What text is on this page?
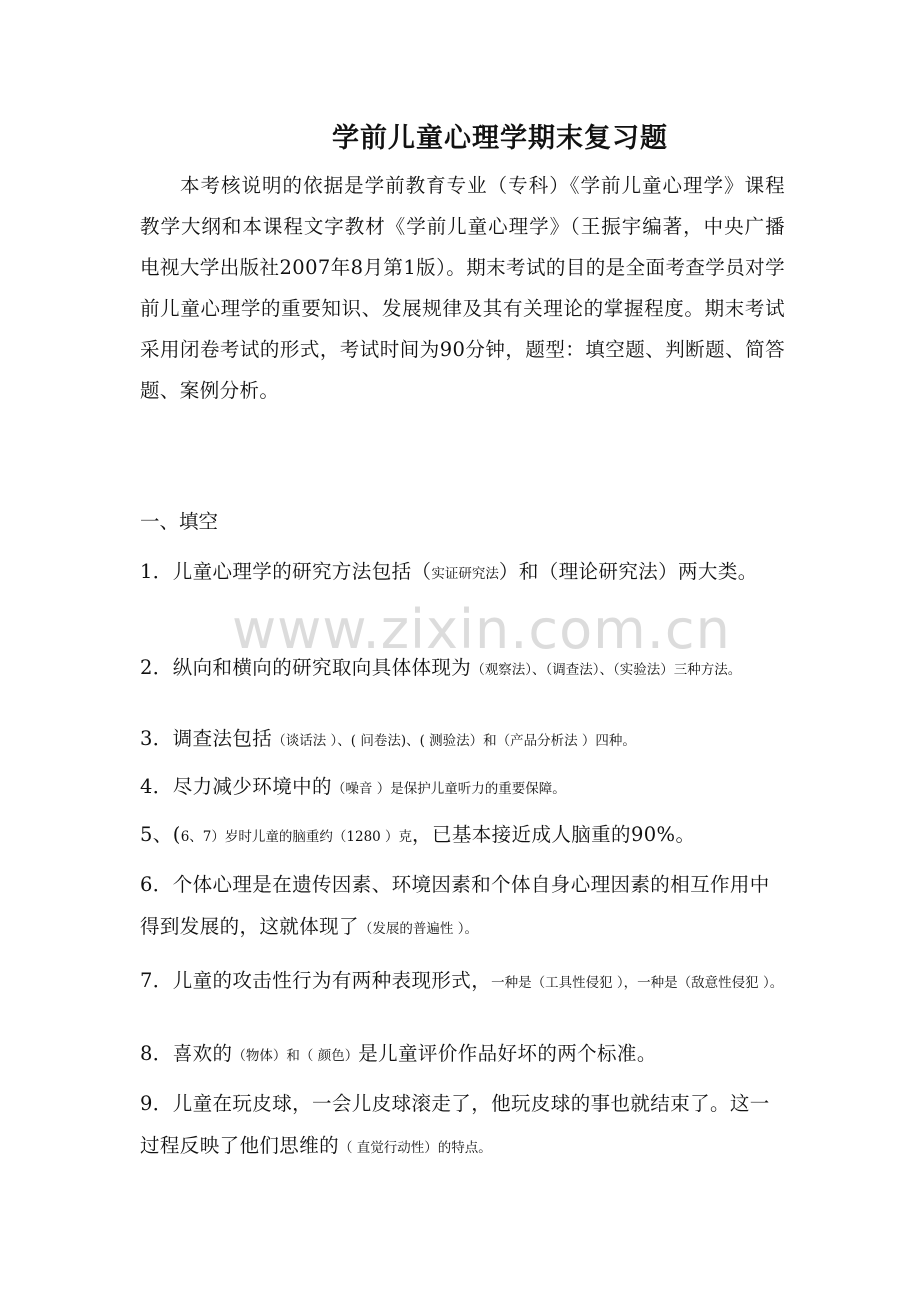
www.zixin.com.cn
学前儿童心理学期末复习题

本考核说明的依据是学前教育专业（专科）《学前儿童心理学》课程教学大纲和本课程文字教材《学前儿童心理学》（王振宇编著，中央广播电视大学出版社2007年8月第1版）。期末考试的目的是全面考查学员对学前儿童心理学的重要知识、发展规律及其有关理论的掌握程度。期末考试采用闭卷考试的形式，考试时间为90分钟，题型：填空题、判断题、简答题、案例分析。

一、填空

1．儿童心理学的研究方法包括（实证研究法）和（理论研究法）两大类。

2．纵向和横向的研究取向具体体现为（观察法）、（调查法）、（实验法）三种方法。

3．调查法包括（谈话法 ）、( 问卷法)、( 测验法）和（产品分析法 ）四种。

4．尽力减少环境中的（噪音 ）是保护儿童听力的重要保障。

5、(6、7）岁时儿童的脑重约（1280 ）克，已基本接近成人脑重的90%。

6．个体心理是在遗传因素、环境因素和个体自身心理因素的相互作用中得到发展的，这就体现了（发展的普遍性 ）。

7．儿童的攻击性行为有两种表现形式，一种是（工具性侵犯 ），一种是（敌意性侵犯 ）。

8．喜欢的（物体）和（ 颜色）是儿童评价作品好坏的两个标准。

9．儿童在玩皮球，一会儿皮球滚走了，他玩皮球的事也就结束了。这一过程反映了他们思维的（ 直觉行动性）的特点。
